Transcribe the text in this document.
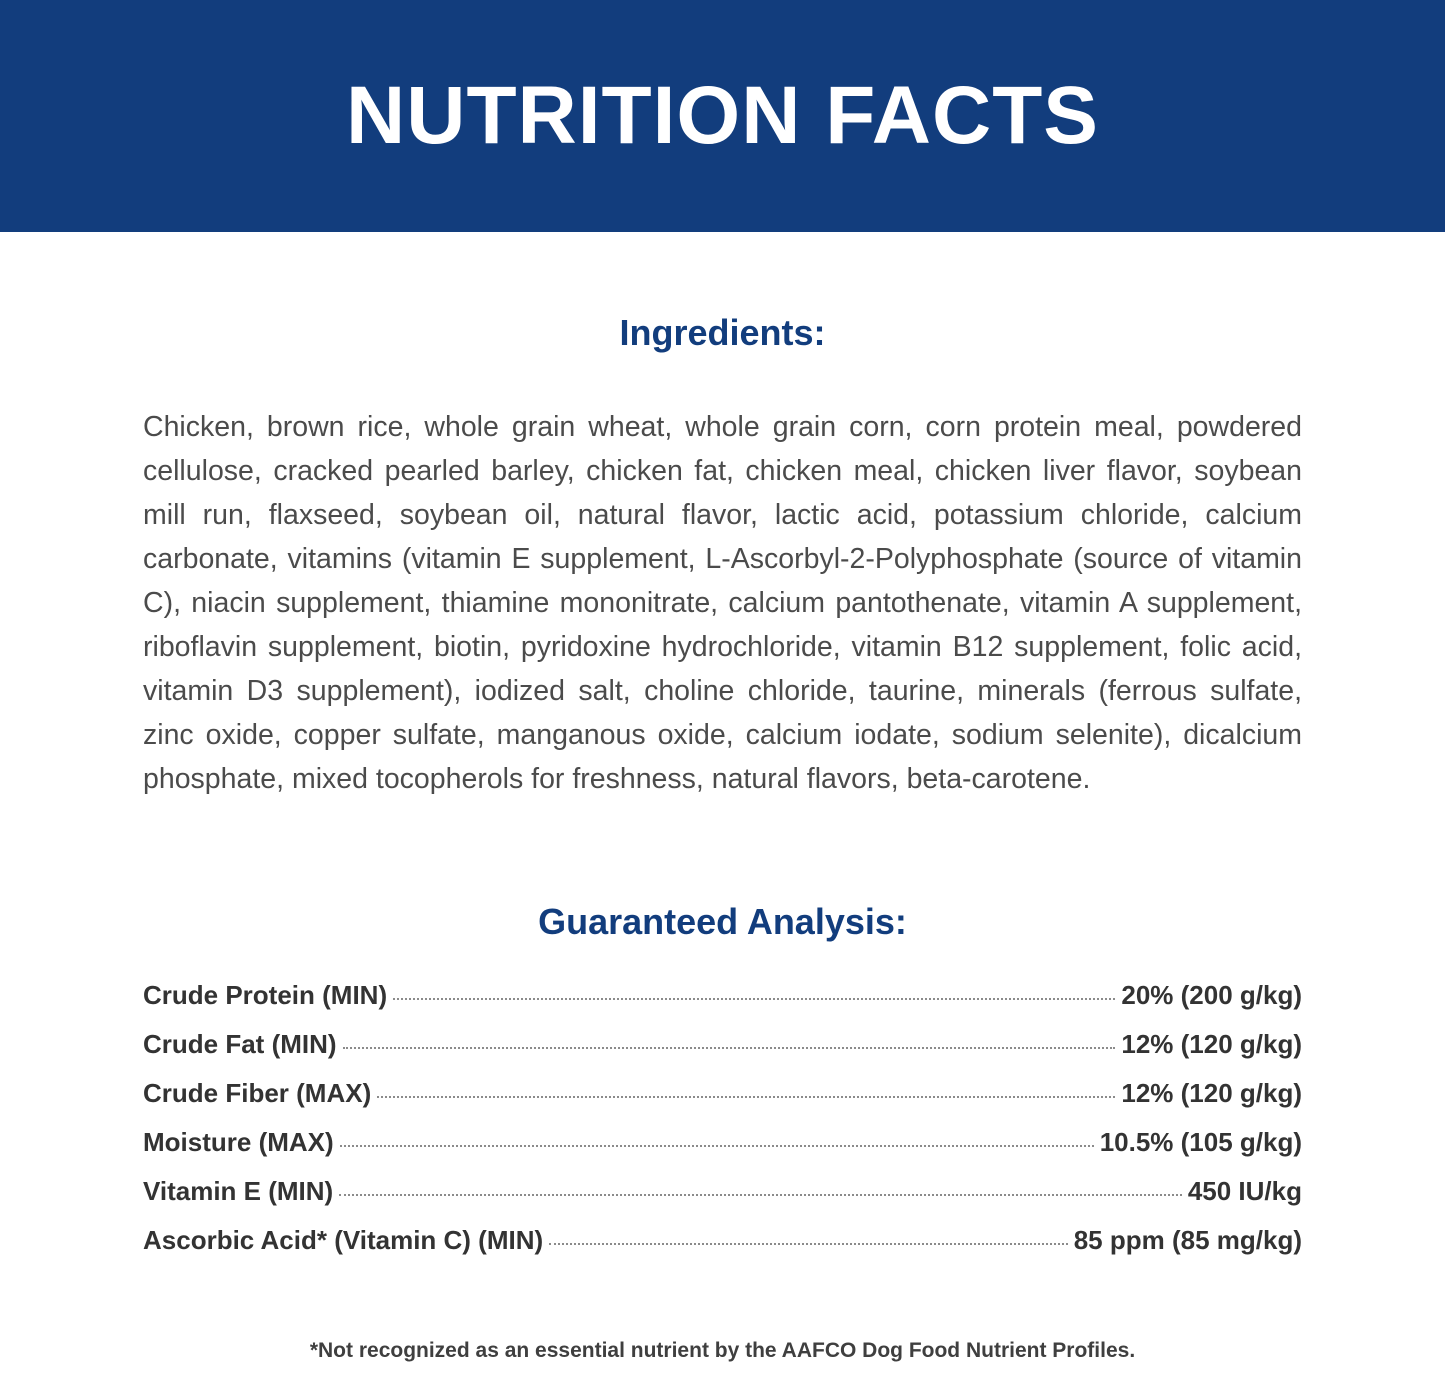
NUTRITION FACTS
Ingredients:

Chicken, brown rice, whole grain wheat, whole grain corn, corn protein meal, powdered cellulose, cracked pearled barley, chicken fat, chicken meal, chicken liver flavor, soybean mill run, flaxseed, soybean oil, natural flavor, lactic acid, potassium chloride, calcium carbonate, vitamins (vitamin E supplement, L-Ascorbyl-2-Polyphosphate (source of vitamin C), niacin supplement, thiamine mononitrate, calcium pantothenate, vitamin A supplement, riboflavin supplement, biotin, pyridoxine hydrochloride, vitamin B12 supplement, folic acid, vitamin D3 supplement), iodized salt, choline chloride, taurine, minerals (ferrous sulfate, zinc oxide, copper sulfate, manganous oxide, calcium iodate, sodium selenite), dicalcium phosphate, mixed tocopherols for freshness, natural flavors, beta-carotene.

Guaranteed Analysis:
Crude Protein (MIN)	20% (200 g/kg)
Crude Fat (MIN)	12% (120 g/kg)
Crude Fiber (MAX)	12% (120 g/kg)
Moisture (MAX)	10.5% (105 g/kg)
Vitamin E (MIN)	450 IU/kg
Ascorbic Acid* (Vitamin C) (MIN)	85 ppm (85 mg/kg)
*Not recognized as an essential nutrient by the AAFCO Dog Food Nutrient Profiles.
